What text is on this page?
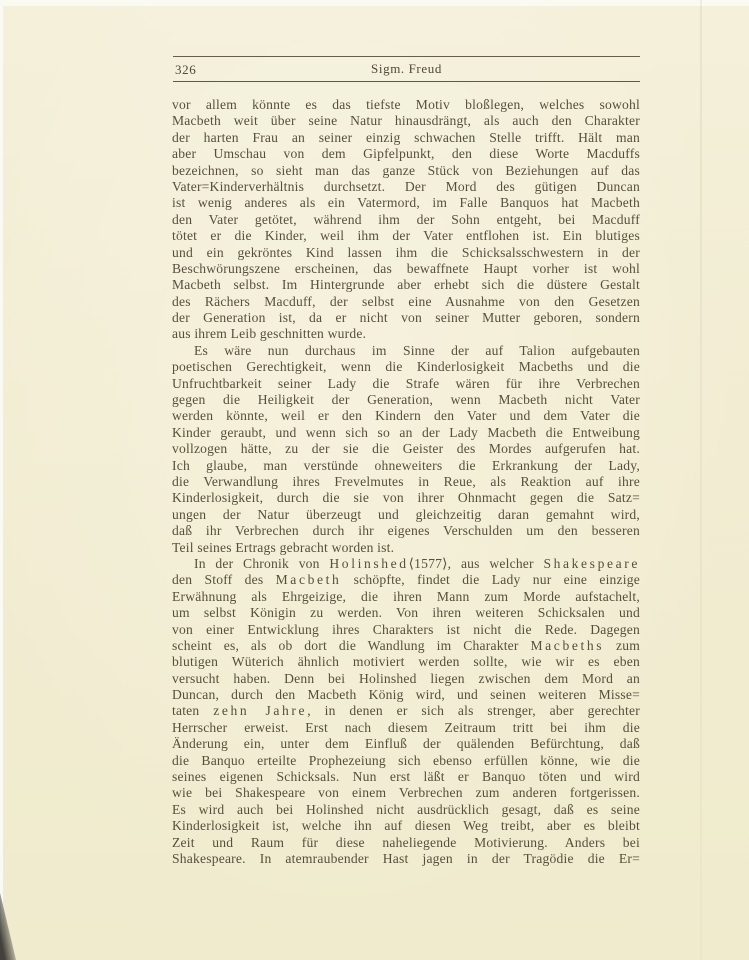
326	Sigm. Freud
vor allem könnte es das tiefste Motiv bloßlegen, welches sowohl
Macbeth weit über seine Natur hinausdrängt, als auch den Charakter
der harten Frau an seiner einzig schwachen Stelle trifft. Hält man
aber Umschau von dem Gipfelpunkt, den diese Worte Macduffs
bezeichnen, so sieht man das ganze Stück von Beziehungen auf das
Vater=Kinderverhältnis durchsetzt. Der Mord des gütigen Duncan
ist wenig anderes als ein Vatermord, im Falle Banquos hat Macbeth
den Vater getötet, während ihm der Sohn entgeht, bei Macduff
tötet er die Kinder, weil ihm der Vater entflohen ist. Ein blutiges
und ein gekröntes Kind lassen ihm die Schicksalsschwestern in der
Beschwörungszene erscheinen, das bewaffnete Haupt vorher ist wohl
Macbeth selbst. Im Hintergrunde aber erhebt sich die düstere Gestalt
des Rächers Macduff, der selbst eine Ausnahme von den Gesetzen
der Generation ist, da er nicht von seiner Mutter geboren, sondern
aus ihrem Leib geschnitten wurde.
Es wäre nun durchaus im Sinne der auf Talion aufgebauten
poetischen Gerechtigkeit, wenn die Kinderlosigkeit Macbeths und die
Unfruchtbarkeit seiner Lady die Strafe wären für ihre Verbrechen
gegen die Heiligkeit der Generation, wenn Macbeth nicht Vater
werden könnte, weil er den Kindern den Vater und dem Vater die
Kinder geraubt, und wenn sich so an der Lady Macbeth die Entweibung
vollzogen hätte, zu der sie die Geister des Mordes aufgerufen hat.
Ich glaube, man verstünde ohneweiters die Erkrankung der Lady,
die Verwandlung ihres Frevelmutes in Reue, als Reaktion auf ihre
Kinderlosigkeit, durch die sie von ihrer Ohnmacht gegen die Satz=
ungen der Natur überzeugt und gleichzeitig daran gemahnt wird,
daß ihr Verbrechen durch ihr eigenes Verschulden um den besseren
Teil seines Ertrags gebracht worden ist.
In der Chronik von Holinshed⟨1577⟩, aus welcher Shakespeare
den Stoff des Macbeth schöpfte, findet die Lady nur eine einzige
Erwähnung als Ehrgeizige, die ihren Mann zum Morde aufstachelt,
um selbst Königin zu werden. Von ihren weiteren Schicksalen und
von einer Entwicklung ihres Charakters ist nicht die Rede. Dagegen
scheint es, als ob dort die Wandlung im Charakter Macbeths zum
blutigen Wüterich ähnlich motiviert werden sollte, wie wir es eben
versucht haben. Denn bei Holinshed liegen zwischen dem Mord an
Duncan, durch den Macbeth König wird, und seinen weiteren Misse=
taten zehn Jahre, in denen er sich als strenger, aber gerechter
Herrscher erweist. Erst nach diesem Zeitraum tritt bei ihm die
Änderung ein, unter dem Einfluß der quälenden Befürchtung, daß
die Banquo erteilte Prophezeiung sich ebenso erfüllen könne, wie die
seines eigenen Schicksals. Nun erst läßt er Banquo töten und wird
wie bei Shakespeare von einem Verbrechen zum anderen fortgerissen.
Es wird auch bei Holinshed nicht ausdrücklich gesagt, daß es seine
Kinderlosigkeit ist, welche ihn auf diesen Weg treibt, aber es bleibt
Zeit und Raum für diese naheliegende Motivierung. Anders bei
Shakespeare. In atemraubender Hast jagen in der Tragödie die Er=
